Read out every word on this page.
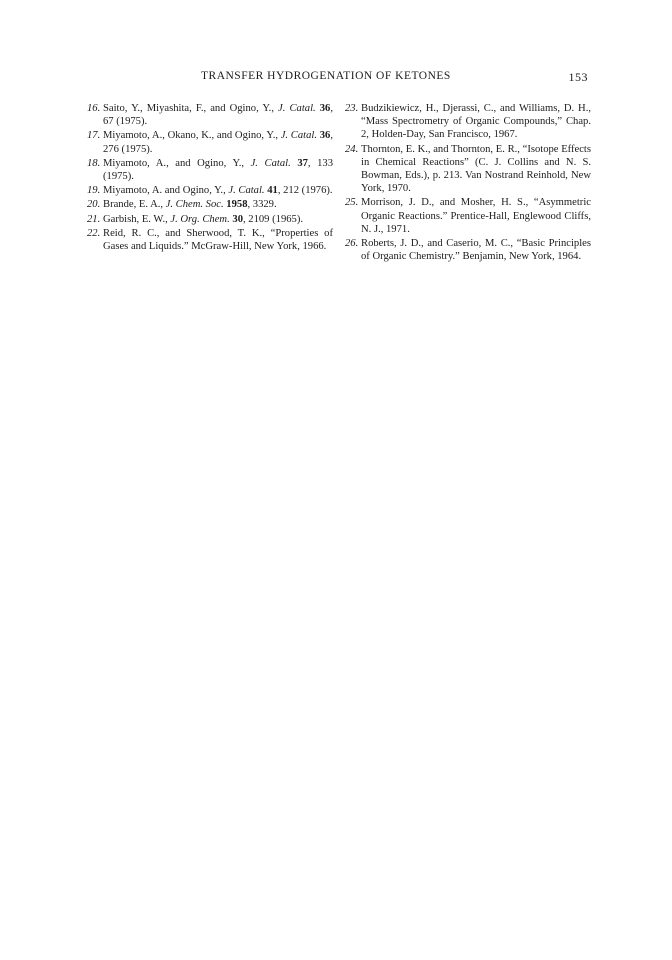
TRANSFER HYDROGENATION OF KETONES	153

16. Saito, Y., Miyashita, F., and Ogino, Y., J. Catal. 36, 67 (1975).

17. Miyamoto, A., Okano, K., and Ogino, Y., J. Catal. 36, 276 (1975).

18. Miyamoto, A., and Ogino, Y., J. Catal. 37, 133 (1975).

19. Miyamoto, A. and Ogino, Y., J. Catal. 41, 212 (1976).

20. Brande, E. A., J. Chem. Soc. 1958, 3329.

21. Garbish, E. W., J. Org. Chem. 30, 2109 (1965).

22. Reid, R. C., and Sherwood, T. K., “Properties of Gases and Liquids.” McGraw-Hill, New York, 1966.

23. Budzikiewicz, H., Djerassi, C., and Williams, D. H., “Mass Spectrometry of Organic Compounds,” Chap. 2, Holden-Day, San Francisco, 1967.

24. Thornton, E. K., and Thornton, E. R., “Isotope Effects in Chemical Reactions” (C. J. Collins and N. S. Bowman, Eds.), p. 213. Van Nostrand Reinhold, New York, 1970.

25. Morrison, J. D., and Mosher, H. S., “Asymmetric Organic Reactions.” Prentice-Hall, Englewood Cliffs, N. J., 1971.

26. Roberts, J. D., and Caserio, M. C., “Basic Principles of Organic Chemistry.” Benjamin, New York, 1964.
